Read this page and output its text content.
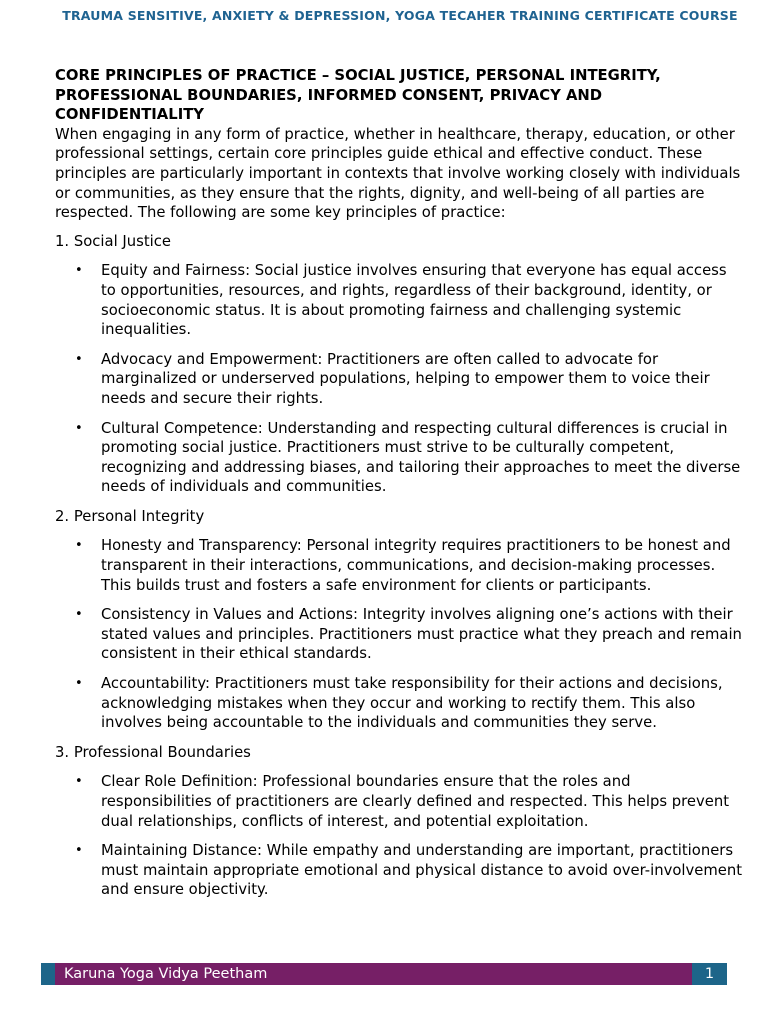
TRAUMA SENSITIVE, ANXIETY & DEPRESSION, YOGA TECAHER TRAINING CERTIFICATE COURSE

CORE PRINCIPLES OF PRACTICE – SOCIAL JUSTICE, PERSONAL INTEGRITY, PROFESSIONAL BOUNDARIES, INFORMED CONSENT, PRIVACY AND CONFIDENTIALITY

When engaging in any form of practice, whether in healthcare, therapy, education, or other professional settings, certain core principles guide ethical and effective conduct. These principles are particularly important in contexts that involve working closely with individuals or communities, as they ensure that the rights, dignity, and well-being of all parties are respected. The following are some key principles of practice:

1. Social Justice

• Equity and Fairness: Social justice involves ensuring that everyone has equal access to opportunities, resources, and rights, regardless of their background, identity, or socioeconomic status. It is about promoting fairness and challenging systemic inequalities.
• Advocacy and Empowerment: Practitioners are often called to advocate for marginalized or underserved populations, helping to empower them to voice their needs and secure their rights.
• Cultural Competence: Understanding and respecting cultural differences is crucial in promoting social justice. Practitioners must strive to be culturally competent, recognizing and addressing biases, and tailoring their approaches to meet the diverse needs of individuals and communities.

2. Personal Integrity

• Honesty and Transparency: Personal integrity requires practitioners to be honest and transparent in their interactions, communications, and decision-making processes. This builds trust and fosters a safe environment for clients or participants.
• Consistency in Values and Actions: Integrity involves aligning one’s actions with their stated values and principles. Practitioners must practice what they preach and remain consistent in their ethical standards.
• Accountability: Practitioners must take responsibility for their actions and decisions, acknowledging mistakes when they occur and working to rectify them. This also involves being accountable to the individuals and communities they serve.

3. Professional Boundaries

• Clear Role Definition: Professional boundaries ensure that the roles and responsibilities of practitioners are clearly defined and respected. This helps prevent dual relationships, conflicts of interest, and potential exploitation.
• Maintaining Distance: While empathy and understanding are important, practitioners must maintain appropriate emotional and physical distance to avoid over-involvement and ensure objectivity.
Karuna Yoga Vidya Peetham	1
